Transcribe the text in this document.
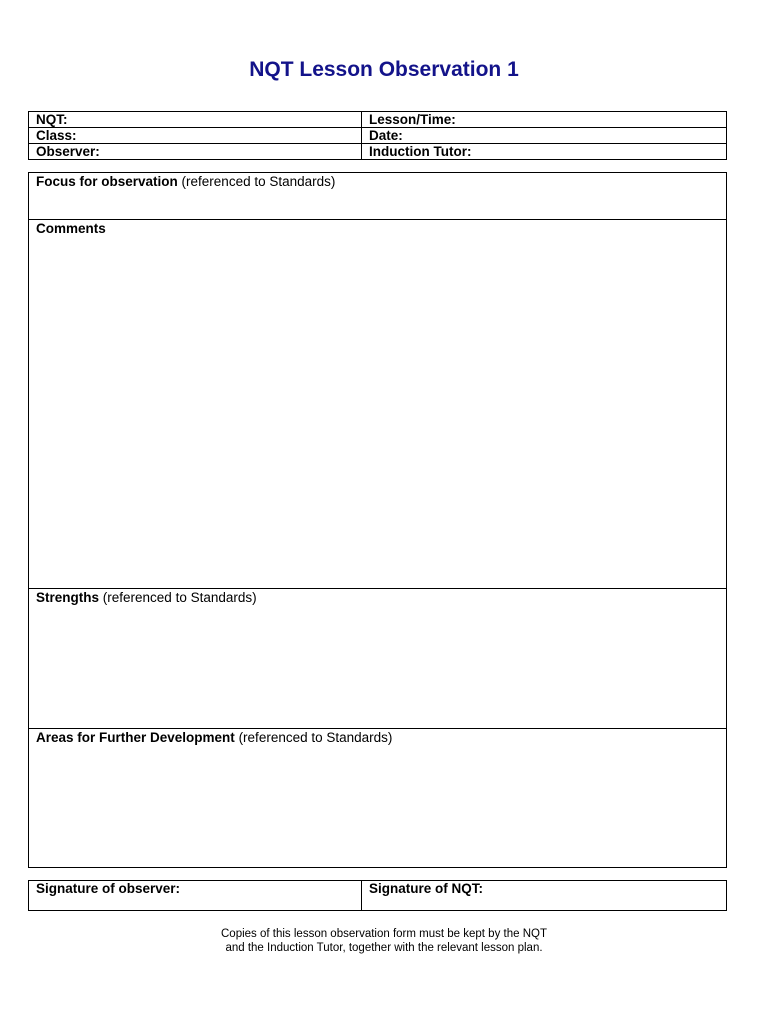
NQT Lesson Observation 1
NQT:	Lesson/Time:
Class:	Date:
Observer:	Induction Tutor:
Focus for observation (referenced to Standards)
Comments
Strengths (referenced to Standards)
Areas for Further Development (referenced to Standards)
Signature of observer:	Signature of NQT:
Copies of this lesson observation form must be kept by the NQT
and the Induction Tutor, together with the relevant lesson plan.
